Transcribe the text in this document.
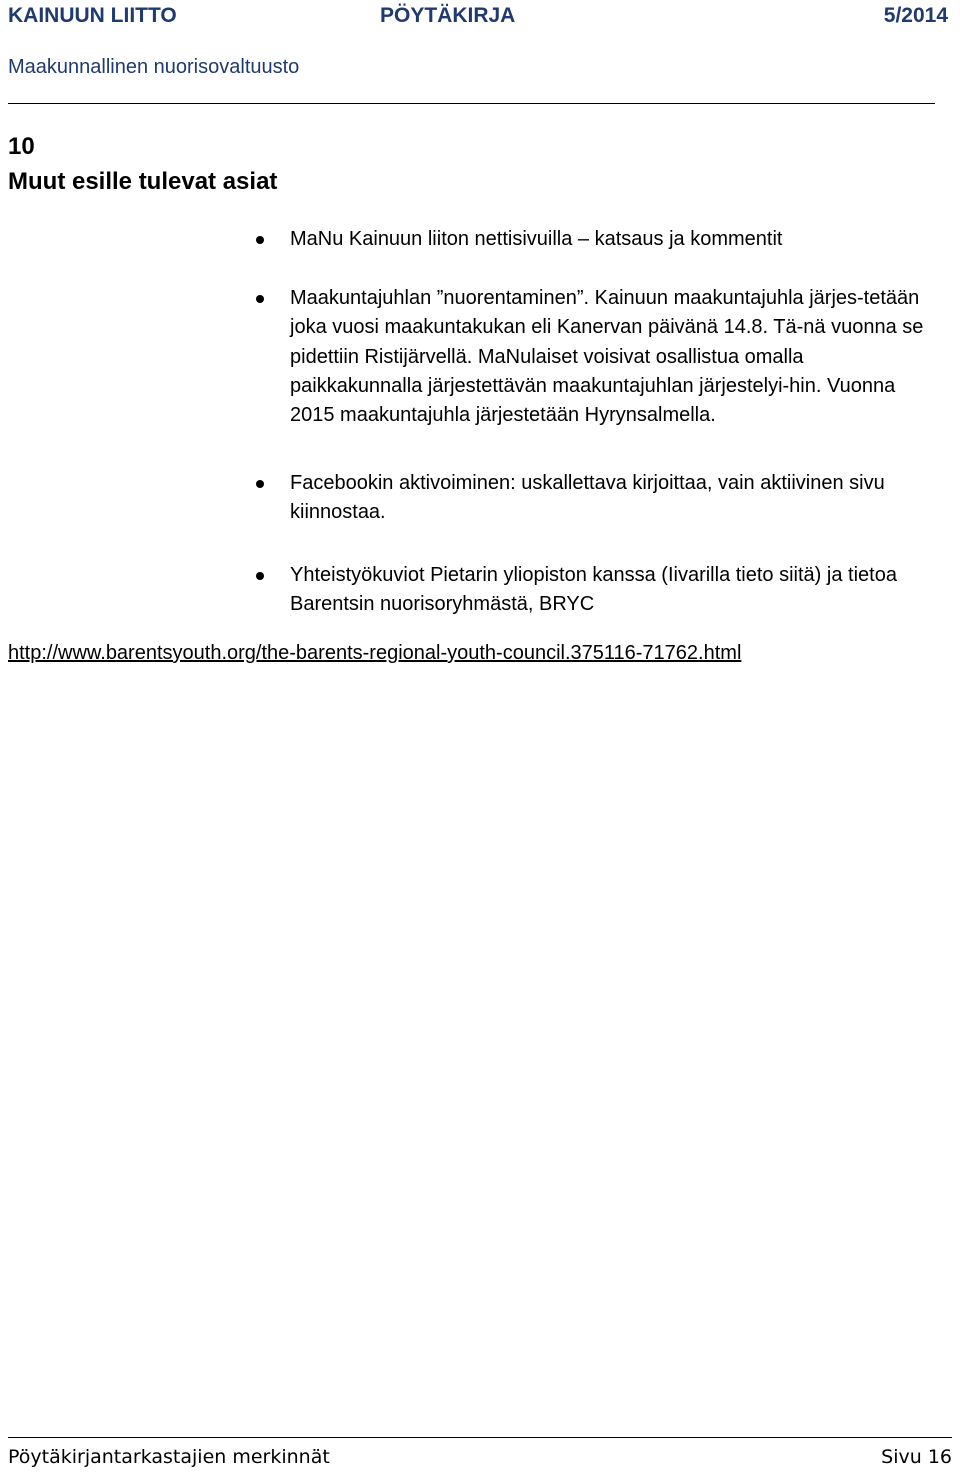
KAINUUN LIITTO	PÖYTÄKIRJA	5/2014
Maakunnallinen nuorisovaltuusto
10
Muut esille tulevat asiat
MaNu Kainuun liiton nettisivuilla – katsaus ja kommentit
Maakuntajuhlan ”nuorentaminen”. Kainuun maakuntajuhla järjes-tetään joka vuosi maakuntakukan eli Kanervan päivänä 14.8. Tä-nä vuonna se pidettiin Ristijärvellä. MaNulaiset voisivat osallistua omalla paikkakunnalla järjestettävän maakuntajuhlan järjestelyi-hin. Vuonna 2015 maakuntajuhla järjestetään Hyrynsalmella.
Facebookin aktivoiminen: uskallettava kirjoittaa, vain aktiivinen sivu kiinnostaa.
Yhteistyökuviot Pietarin yliopiston kanssa (Iivarilla tieto siitä) ja tietoa Barentsin nuorisoryhmästä, BRYC
http://www.barentsyouth.org/the-barents-regional-youth-council.375116-71762.html
Pöytäkirjantarkastajien merkinnät	Sivu 16
